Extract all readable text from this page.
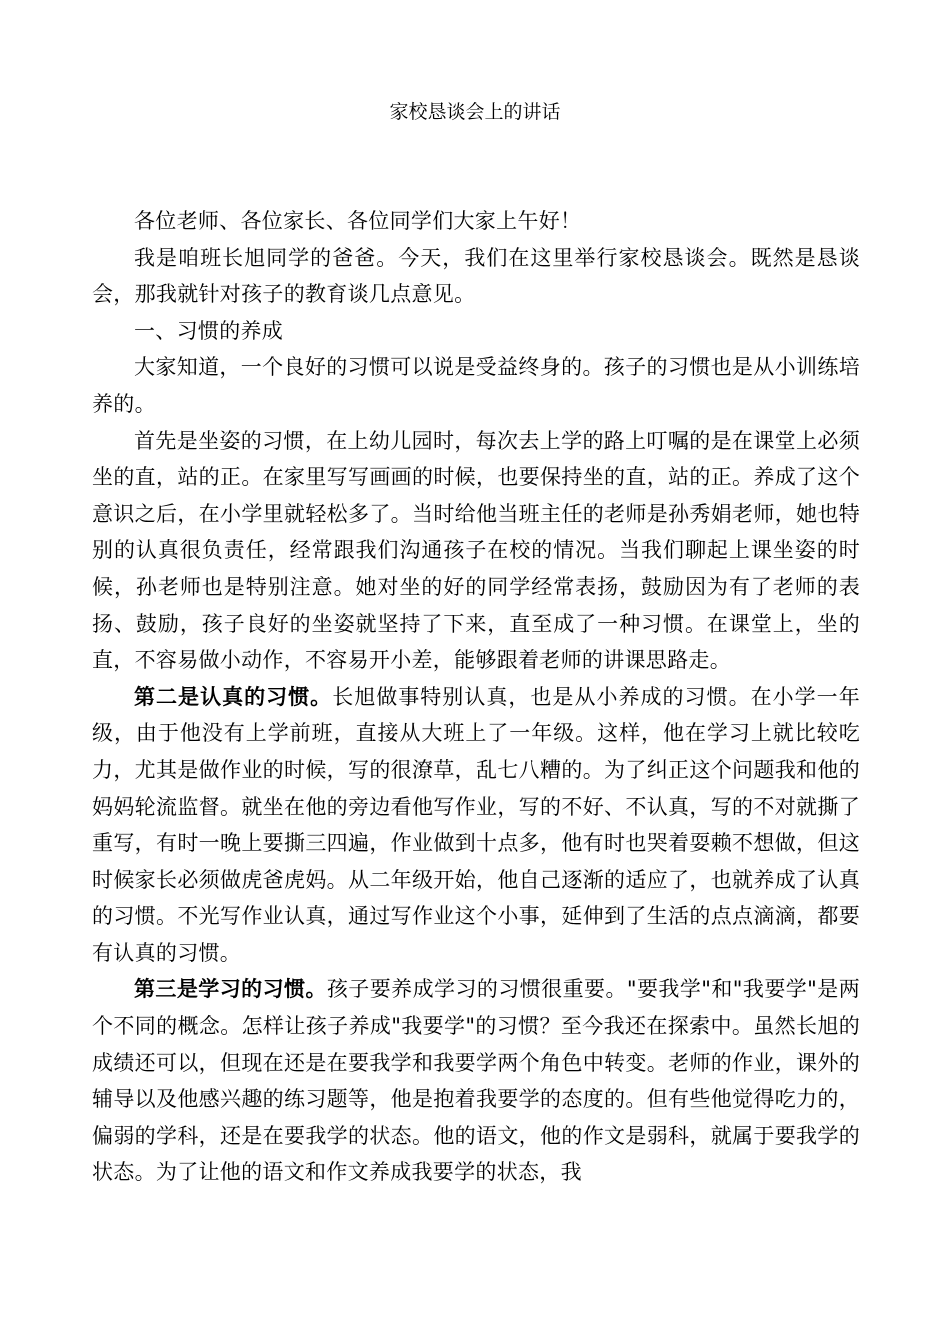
家校恳谈会上的讲话

各位老师、各位家长、各位同学们大家上午好！

我是咱班长旭同学的爸爸。今天，我们在这里举行家校恳谈会。既然是恳谈会，那我就针对孩子的教育谈几点意见。

一、习惯的养成

大家知道，一个良好的习惯可以说是受益终身的。孩子的习惯也是从小训练培养的。

首先是坐姿的习惯，在上幼儿园时，每次去上学的路上叮嘱的是在课堂上必须坐的直，站的正。在家里写写画画的时候，也要保持坐的直，站的正。养成了这个意识之后，在小学里就轻松多了。当时给他当班主任的老师是孙秀娟老师，她也特别的认真很负责任，经常跟我们沟通孩子在校的情况。当我们聊起上课坐姿的时候，孙老师也是特别注意。她对坐的好的同学经常表扬，鼓励因为有了老师的表扬、鼓励，孩子良好的坐姿就坚持了下来，直至成了一种习惯。在课堂上，坐的直，不容易做小动作，不容易开小差，能够跟着老师的讲课思路走。

第二是认真的习惯。长旭做事特别认真，也是从小养成的习惯。在小学一年级，由于他没有上学前班，直接从大班上了一年级。这样，他在学习上就比较吃力，尤其是做作业的时候，写的很潦草，乱七八糟的。为了纠正这个问题我和他的妈妈轮流监督。就坐在他的旁边看他写作业，写的不好、不认真，写的不对就撕了重写，有时一晚上要撕三四遍，作业做到十点多，他有时也哭着耍赖不想做，但这时候家长必须做虎爸虎妈。从二年级开始，他自己逐渐的适应了，也就养成了认真的习惯。不光写作业认真，通过写作业这个小事，延伸到了生活的点点滴滴，都要有认真的习惯。

第三是学习的习惯。孩子要养成学习的习惯很重要。"要我学"和"我要学"是两个不同的概念。怎样让孩子养成"我要学"的习惯？至今我还在探索中。虽然长旭的成绩还可以，但现在还是在要我学和我要学两个角色中转变。老师的作业，课外的辅导以及他感兴趣的练习题等，他是抱着我要学的态度的。但有些他觉得吃力的，偏弱的学科，还是在要我学的状态。他的语文，他的作文是弱科，就属于要我学的状态。为了让他的语文和作文养成我要学的状态，我
